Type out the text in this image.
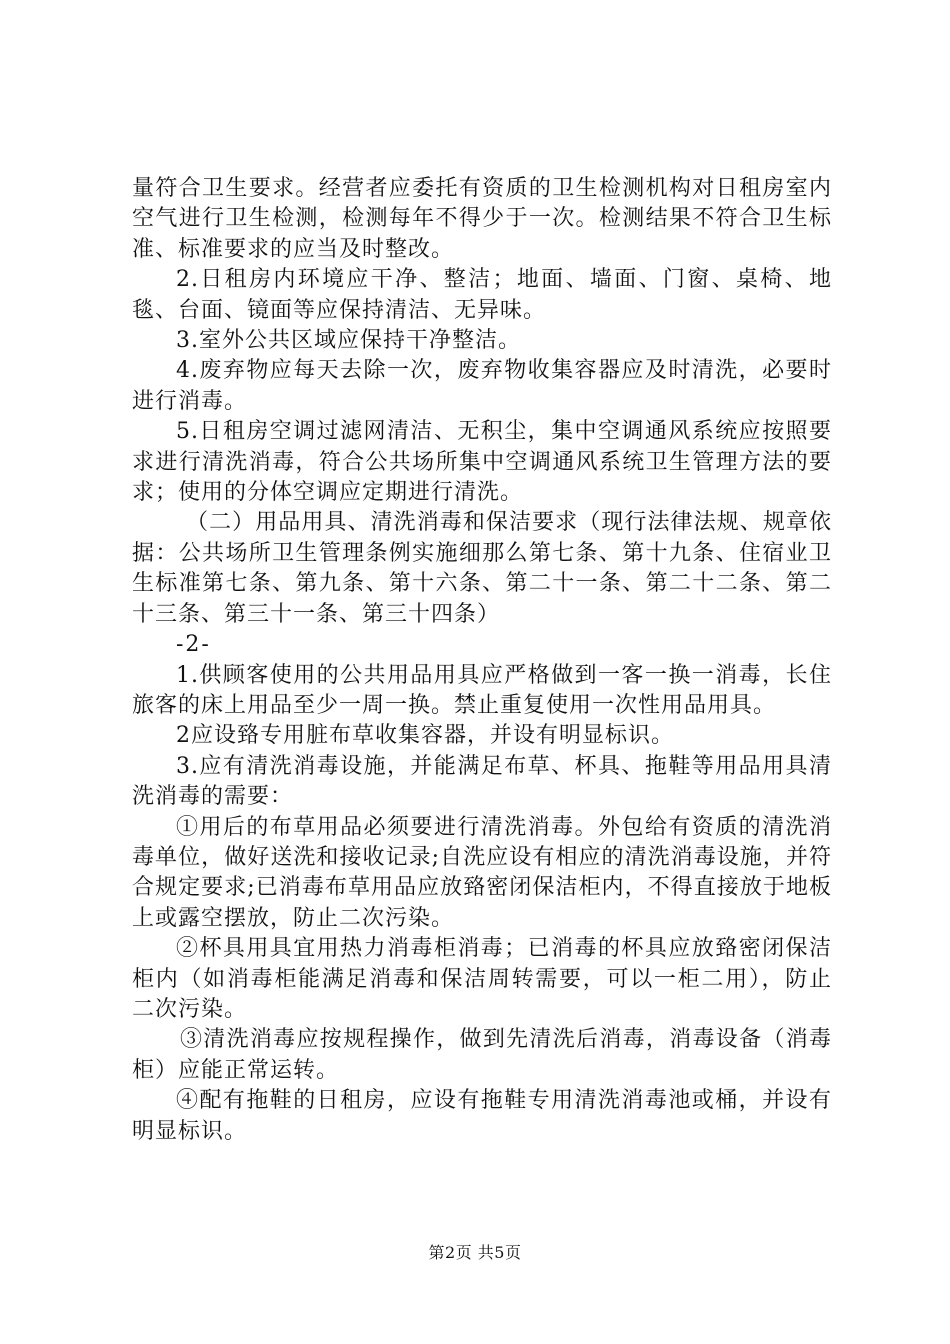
量符合卫生要求。经营者应委托有资质的卫生检测机构对日租房室内空气进行卫生检测，检测每年不得少于一次。检测结果不符合卫生标准、标准要求的应当及时整改。

2.日租房内环境应干净、整洁；地面、墙面、门窗、桌椅、地毯、台面、镜面等应保持清洁、无异味。

3.室外公共区域应保持干净整洁。

4.废弃物应每天去除一次，废弃物收集容器应及时清洗，必要时进行消毒。

5.日租房空调过滤网清洁、无积尘，集中空调通风系统应按照要求进行清洗消毒，符合公共场所集中空调通风系统卫生管理方法的要求；使用的分体空调应定期进行清洗。

（二）用品用具、清洗消毒和保洁要求（现行法律法规、规章依据：公共场所卫生管理条例实施细那么第七条、第十九条、住宿业卫生标准第七条、第九条、第十六条、第二十一条、第二十二条、第二十三条、第三十一条、第三十四条）

-2-

1.供顾客使用的公共用品用具应严格做到一客一换一消毒，长住旅客的床上用品至少一周一换。禁止重复使用一次性用品用具。

2应设臵专用脏布草收集容器，并设有明显标识。

3.应有清洗消毒设施，并能满足布草、杯具、拖鞋等用品用具清洗消毒的需要：

①用后的布草用品必须要进行清洗消毒。外包给有资质的清洗消毒单位，做好送洗和接收记录;自洗应设有相应的清洗消毒设施，并符合规定要求;已消毒布草用品应放臵密闭保洁柜内，不得直接放于地板上或露空摆放，防止二次污染。

②杯具用具宜用热力消毒柜消毒；已消毒的杯具应放臵密闭保洁柜内（如消毒柜能满足消毒和保洁周转需要，可以一柜二用），防止二次污染。

③清洗消毒应按规程操作，做到先清洗后消毒，消毒设备（消毒柜）应能正常运转。

④配有拖鞋的日租房，应设有拖鞋专用清洗消毒池或桶，并设有明显标识。

第2页 共5页
